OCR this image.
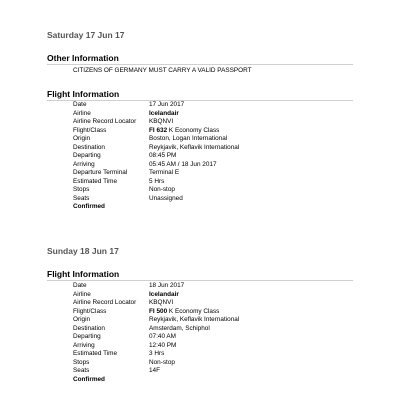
Saturday 17 Jun 17
Other Information
CITIZENS OF GERMANY MUST CARRY A VALID PASSPORT
Flight Information
Date	17 Jun 2017
Airline	Icelandair
Airline Record Locator KBQNVI
Flight/Class	FI 632 K Economy Class
Origin	Boston, Logan International
Destination	Reykjavik, Keflavik International
Departing	08:45 PM
Arriving	05:45 AM / 18 Jun 2017
Departure Terminal	Terminal E
Estimated Time	5 Hrs
Stops	Non-stop
Seats	Unassigned
Confirmed
Sunday 18 Jun 17
Flight Information
Date	18 Jun 2017
Airline	Icelandair
Airline Record Locator KBQNVI
Flight/Class	FI 500 K Economy Class
Origin	Reykjavik, Keflavik International
Destination	Amsterdam, Schiphol
Departing	07:40 AM
Arriving	12:40 PM
Estimated Time	3 Hrs
Stops	Non-stop
Seats	14F
Confirmed
